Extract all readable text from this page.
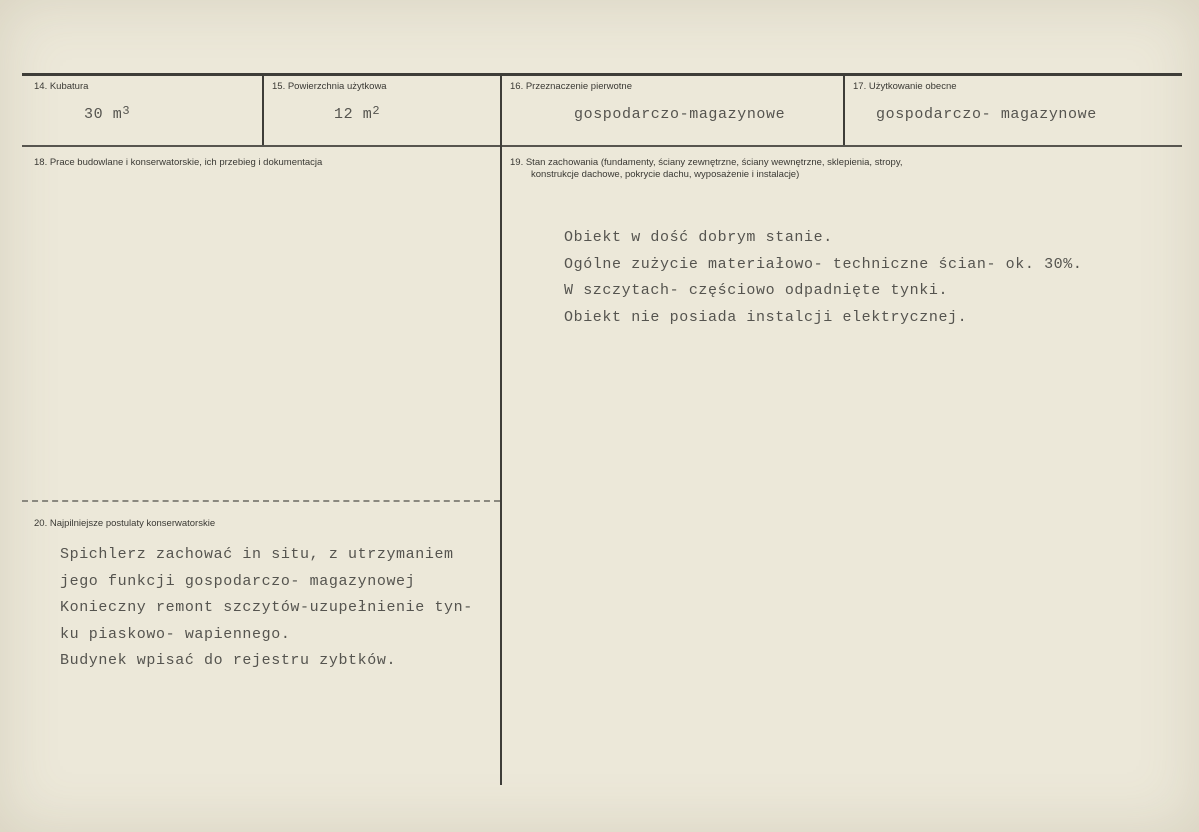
14. Kubatura
30 $m^3$
15. Powierzchnia użytkowa
12 $m^2$
16. Przeznaczenie pierwotne
gospodarczo-magazynowe
17. Użytkowanie obecne
gospodarczo- magazynowe
18. Prace budowlane i konserwatorskie, ich przebieg i dokumentacja	19. Stan zachowania (fundamenty, ściany zewnętrzne, ściany wewnętrzne, sklepienia, stropy,
konstrukcje dachowe, pokrycie dachu, wyposażenie i instalacje)
Obiekt w dość dobrym stanie.
Ogólne zużycie materiałowo- techniczne ścian- ok. 30%.
W szczytach- częściowo odpadnięte tynki.
Obiekt nie posiada instalcji elektrycznej.
20. Najpilniejsze postulaty konserwatorskie
Spichlerz zachować in situ, z utrzymaniem
jego funkcji gospodarczo- magazynowej
Konieczny remont szczytów-uzupełnienie tyn-
ku piaskowo- wapiennego.
Budynek wpisać do rejestru zybtków.
